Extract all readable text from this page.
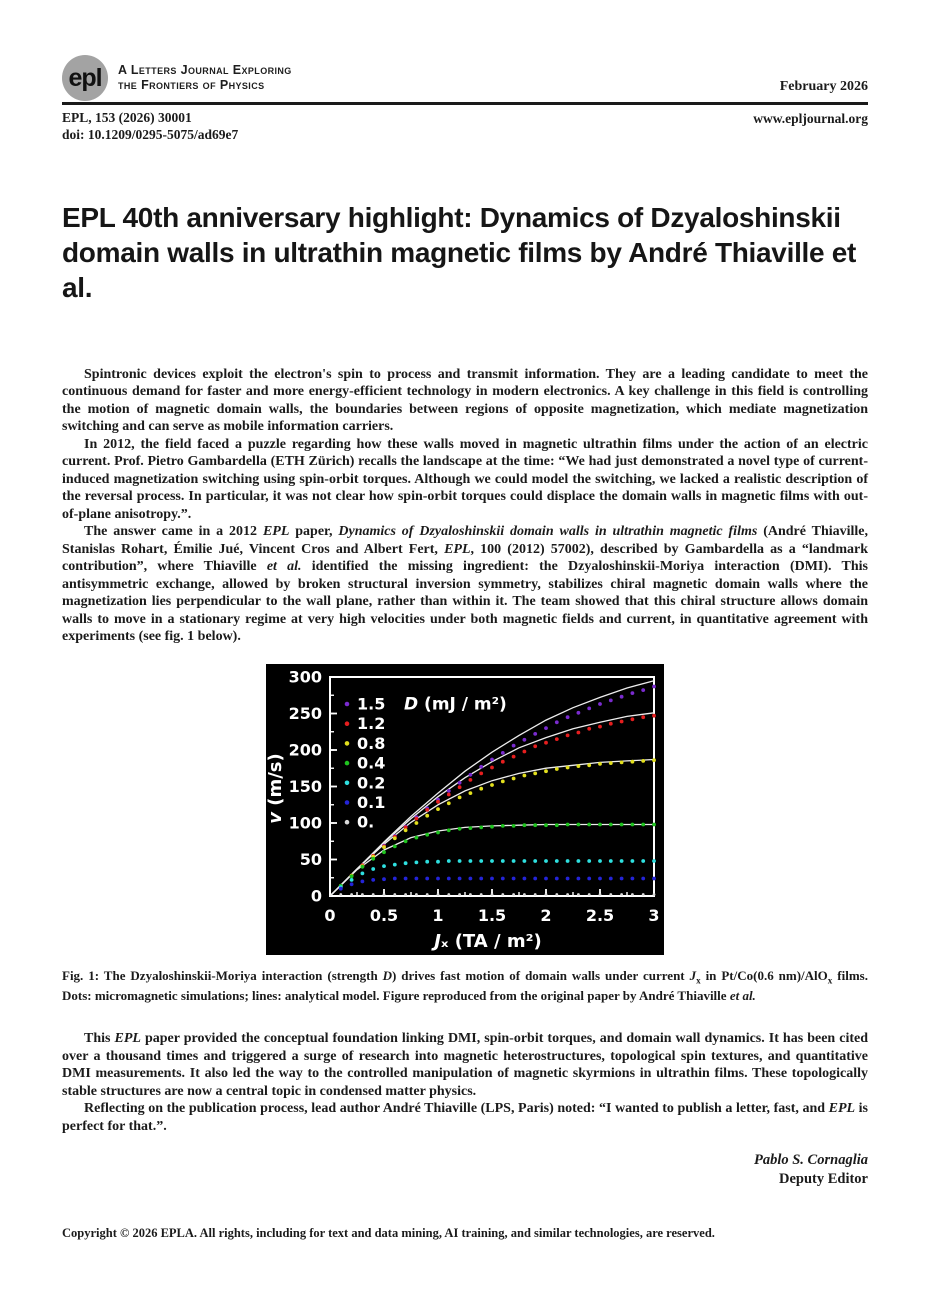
epl A Letters Journal Exploring
the Frontiers of Physics	February 2026
EPL, 153 (2026) 30001
doi: 10.1209/0295-5075/ad69e7
www.epljournal.org
EPL 40th anniversary highlight: Dynamics of Dzyaloshinskii
domain walls in ultrathin magnetic films by André Thiaville et al.

Spintronic devices exploit the electron's spin to process and transmit information. They are a leading candidate to meet the continuous demand for faster and more energy-efficient technology in modern electronics. A key challenge in this field is controlling the motion of magnetic domain walls, the boundaries between regions of opposite magnetization, which mediate magnetization switching and can serve as mobile information carriers.

In 2012, the field faced a puzzle regarding how these walls moved in magnetic ultrathin films under the action of an electric current. Prof. Pietro Gambardella (ETH Zürich) recalls the landscape at the time: “We had just demonstrated a novel type of current-induced magnetization switching using spin-orbit torques. Although we could model the switching, we lacked a realistic description of the reversal process. In particular, it was not clear how spin-orbit torques could displace the domain walls in magnetic films with out-of-plane anisotropy.”.

The answer came in a 2012 EPL paper, Dynamics of Dzyaloshinskii domain walls in ultrathin magnetic films (André Thiaville, Stanislas Rohart, Émilie Jué, Vincent Cros and Albert Fert, EPL, 100 (2012) 57002), described by Gambardella as a “landmark contribution”, where Thiaville et al. identified the missing ingredient: the Dzyaloshinskii-Moriya interaction (DMI). This antisymmetric exchange, allowed by broken structural inversion symmetry, stabilizes chiral magnetic domain walls where the magnetization lies perpendicular to the wall plane, rather than within it. The team showed that this chiral structure allows domain walls to move in a stationary regime at very high velocities under both magnetic fields and current, in quantitative agreement with experiments (see fig. 1 below).

0 0.5 1 1.5 2 2.5 3
0
50
100
150
200
250
300
Jₓ (TA / m²)
v (m/s)
1.5
1.2
0.8
0.4
0.2
0.1
0.
D (mJ / m²)
Fig. 1: The Dzyaloshinskii-Moriya interaction (strength D) drives fast motion of domain walls under current $J_x$ in Pt/Co(0.6 nm)/AlO$_x$ films. Dots: micromagnetic simulations; lines: analytical model. Figure reproduced from the original paper by André Thiaville et al.

This EPL paper provided the conceptual foundation linking DMI, spin-orbit torques, and domain wall dynamics. It has been cited over a thousand times and triggered a surge of research into magnetic heterostructures, topological spin textures, and quantitative DMI measurements. It also led the way to the controlled manipulation of magnetic skyrmions in ultrathin films. These topologically stable structures are now a central topic in condensed matter physics.

Reflecting on the publication process, lead author André Thiaville (LPS, Paris) noted: “I wanted to publish a letter, fast, and EPL is perfect for that.”.

Pablo S. Cornaglia
Deputy Editor
Copyright © 2026 EPLA. All rights, including for text and data mining, AI training, and similar technologies, are reserved.
